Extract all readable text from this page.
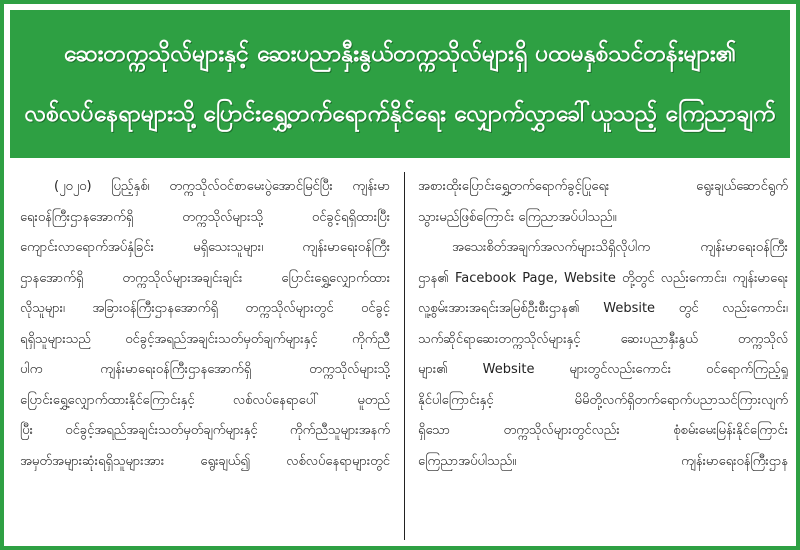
ဆေးတက္ကသိုလ်များနှင့် ဆေးပညာနှီးနွယ်တက္ကသိုလ်များရှိ ပထမနှစ်သင်တန်းများ၏
လစ်လပ်နေရာများသို့ ပြောင်းရွှေ့တက်ရောက်နိုင်ရေး လျှောက်လွှာခေါ်ယူသည့် ကြေညာချက်
(၂၀၂၀) ပြည့်နှစ်၊ တက္ကသိုလ်ဝင်စာမေးပွဲအောင်မြင်ပြီး ကျန်းမာ
ရေးဝန်ကြီးဌာနအောက်ရှိ တက္ကသိုလ်များသို့ ဝင်ခွင့်ရရှိထားပြီး
ကျောင်းလာရောက်အပ်နှံခြင်း မရှိသေးသူများ၊ ကျန်းမာရေးဝန်ကြီး
ဌာနအောက်ရှိ တက္ကသိုလ်များအချင်းချင်း ပြောင်းရွှေ့လျှောက်ထား
လိုသူများ၊ အခြားဝန်ကြီးဌာနအောက်ရှိ တက္ကသိုလ်များတွင် ဝင်ခွင့်
ရရှိသူများသည် ဝင်ခွင့်အရည်အချင်းသတ်မှတ်ချက်များနှင့် ကိုက်ညီ
ပါက ကျန်းမာရေးဝန်ကြီးဌာနအောက်ရှိ တက္ကသိုလ်များသို့
ပြောင်းရွှေ့လျှောက်ထားနိုင်ကြောင်းနှင့် လစ်လပ်နေရာပေါ် မူတည်
ပြီး ဝင်ခွင့်အရည်အချင်းသတ်မှတ်ချက်များနှင့် ကိုက်ညီသူများအနက်
အမှတ်အများဆုံးရရှိသူများအား ရွေးချယ်၍ လစ်လပ်နေရာများတွင်
အစားထိုးပြောင်းရွှေ့တက်ရောက်ခွင့်ပြုရေး ရွေးချယ်ဆောင်ရွက်
သွားမည်ဖြစ်ကြောင်း ကြေညာအပ်ပါသည်။
အသေးစိတ်အချက်အလက်များသိရှိလိုပါက ကျန်းမာရေးဝန်ကြီး
ဌာန၏ Facebook Page, Website တို့တွင် လည်းကောင်း၊ ကျန်းမာရေး
လူ့စွမ်းအားအရင်းအမြစ်ဦးစီးဌာန၏ Website တွင် လည်းကောင်း၊
သက်ဆိုင်ရာဆေးတက္ကသိုလ်များနှင့် ဆေးပညာနှီးနွယ် တက္ကသိုလ်
များ၏ Website များတွင်လည်းကောင်း ဝင်ရောက်ကြည့်ရှု
နိုင်ပါကြောင်းနှင့် မိမိတို့လက်ရှိတက်ရောက်ပညာသင်ကြားလျက်
ရှိသော တက္ကသိုလ်များတွင်လည်း စုံစမ်းမေးမြန်းနိုင်ကြောင်း
ကြေညာအပ်ပါသည်။	ကျန်းမာရေးဝန်ကြီးဌာန
